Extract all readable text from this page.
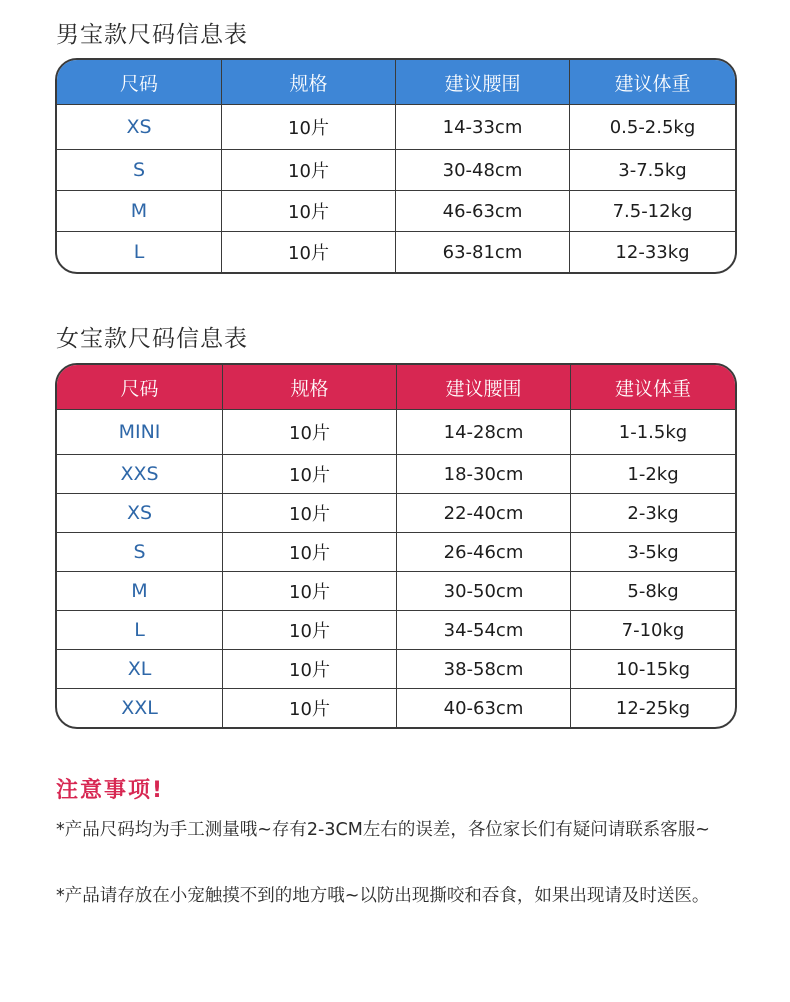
男宝款尺码信息表
尺码	规格	建议腰围	建议体重
XS	10片	14-33cm	0.5-2.5kg
S	10片	30-48cm	3-7.5kg
M	10片	46-63cm	7.5-12kg
L	10片	63-81cm	12-33kg
女宝款尺码信息表
尺码	规格	建议腰围	建议体重
MINI	10片	14-28cm	1-1.5kg
XXS	10片	18-30cm	1-2kg
XS	10片	22-40cm	2-3kg
S	10片	26-46cm	3-5kg
M	10片	30-50cm	5-8kg
L	10片	34-54cm	7-10kg
XL	10片	38-58cm	10-15kg
XXL	10片	40-63cm	12-25kg
注意事项!

*产品尺码均为手工测量哦~存有2-3CM左右的误差，各位家长们有疑问请联系客服~

*产品请存放在小宠触摸不到的地方哦~以防出现撕咬和吞食，如果出现请及时送医。
